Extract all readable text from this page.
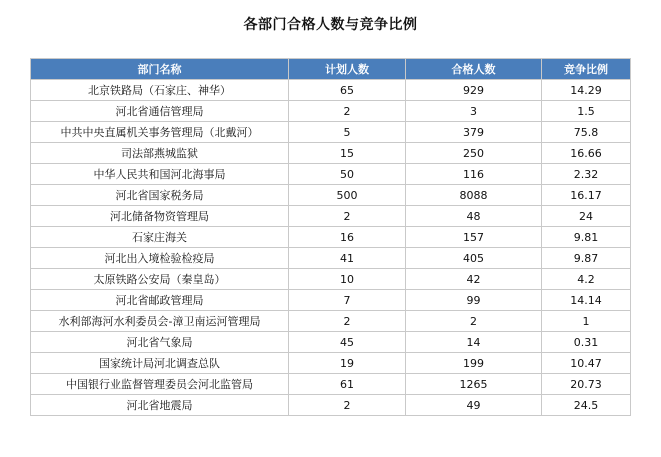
各部门合格人数与竞争比例
部门名称	计划人数	合格人数	竞争比例
北京铁路局（石家庄、神华）	65	929	14.29
河北省通信管理局	2	3	1.5
中共中央直属机关事务管理局（北戴河）	5	379	75.8
司法部燕城监狱	15	250	16.66
中华人民共和国河北海事局	50	116	2.32
河北省国家税务局	500	8088	16.17
河北储备物资管理局	2	48	24
石家庄海关	16	157	9.81
河北出入境检验检疫局	41	405	9.87
太原铁路公安局（秦皇岛）	10	42	4.2
河北省邮政管理局	7	99	14.14
水利部海河水利委员会-漳卫南运河管理局	2	2	1
河北省气象局	45	14	0.31
国家统计局河北调查总队	19	199	10.47
中国银行业监督管理委员会河北监管局	61	1265	20.73
河北省地震局	2	49	24.5
